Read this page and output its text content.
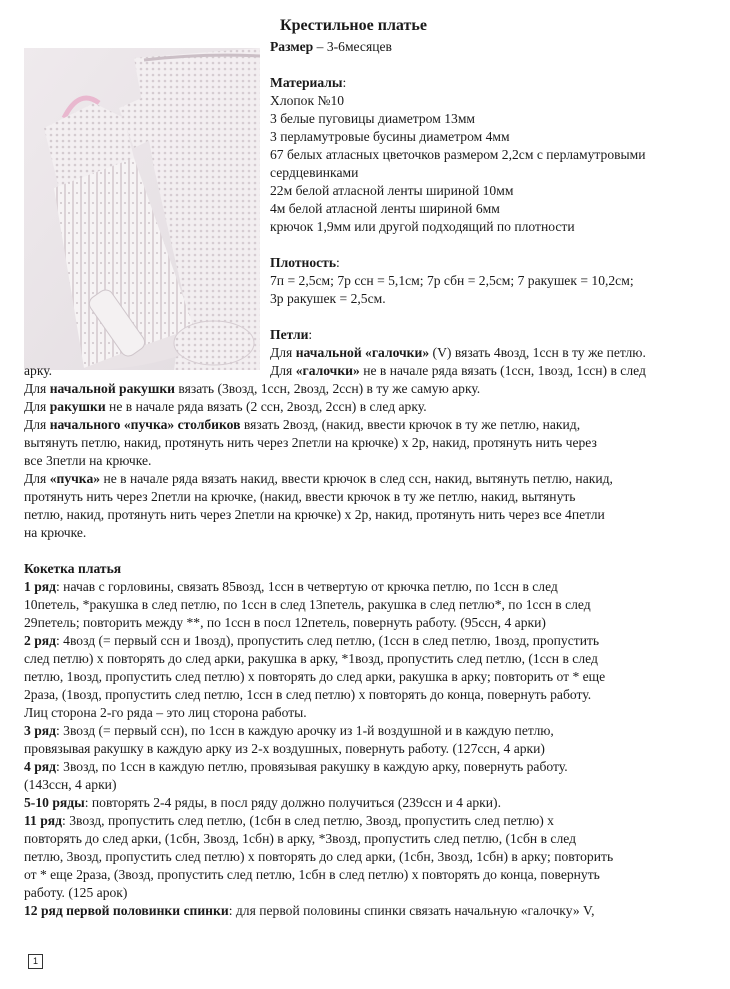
Крестильное платье

Размер – 3-6месяцев

Материалы:

Хлопок №10

3 белые пуговицы диаметром 13мм

3 перламутровые бусины диаметром 4мм

67 белых атласных цветочков размером 2,2см с перламутровыми

сердцевинками

22м белой атласной ленты шириной 10мм

4м белой атласной ленты шириной 6мм

крючок 1,9мм или другой подходящий по плотности

Плотность:

7п = 2,5см; 7р ссн = 5,1см; 7р сбн = 2,5см; 7 ракушек = 10,2см;

3р ракушек = 2,5см.

Петли:

Для начальной «галочки» (V) вязать 4возд, 1ссн в ту же петлю.

Для «галочки» не в начале ряда вязать (1ссн, 1возд, 1ссн) в след

арку.

Для начальной ракушки вязать (3возд, 1ссн, 2возд, 2ссн) в ту же самую арку.

Для ракушки не в начале ряда вязать (2 ссн, 2возд, 2ссн) в след арку.

Для начального «пучка» столбиков вязать 2возд, (накид, ввести крючок в ту же петлю, накид,

вытянуть петлю, накид, протянуть нить через 2петли на крючке) х 2р, накид, протянуть нить через

все 3петли на крючке.

Для «пучка» не в начале ряда вязать накид, ввести крючок в след ссн, накид, вытянуть петлю, накид,

протянуть нить через 2петли на крючке, (накид, ввести крючок в ту же петлю, накид, вытянуть

петлю, накид, протянуть нить через 2петли на крючке) х 2р, накид, протянуть нить через все 4петли

на крючке.

Кокетка платья

1 ряд: начав с горловины, связать 85возд, 1ссн в четвертую от крючка петлю, по 1ссн в след

10петель, *ракушка в след петлю, по 1ссн в след 13петель, ракушка в след петлю*, по 1ссн в след

29петель; повторить между **, по 1ссн в посл 12петель, повернуть работу. (95ссн, 4 арки)

2 ряд: 4возд (= первый ссн и 1возд), пропустить след петлю, (1ссн в след петлю, 1возд, пропустить

след петлю) х повторять до след арки, ракушка в арку, *1возд, пропустить след петлю, (1ссн в след

петлю, 1возд, пропустить след петлю) х повторять до след арки, ракушка в арку; повторить от * еще

2раза, (1возд, пропустить след петлю, 1ссн в след петлю) х повторять до конца, повернуть работу.

Лиц сторона 2-го ряда – это лиц сторона работы.

3 ряд: 3возд (= первый ссн), по 1ссн в каждую арочку из 1-й воздушной и в каждую петлю,

провязывая ракушку в каждую арку из 2-х воздушных, повернуть работу. (127ссн, 4 арки)

4 ряд: 3возд, по 1ссн в каждую петлю, провязывая ракушку в каждую арку, повернуть работу.

(143ссн, 4 арки)

5-10 ряды: повторять 2-4 ряды, в посл ряду должно получиться (239ссн и 4 арки).

11 ряд: 3возд, пропустить след петлю, (1сбн в след петлю, 3возд, пропустить след петлю) х

повторять до след арки, (1сбн, 3возд, 1сбн) в арку, *3возд, пропустить след петлю, (1сбн в след

петлю, 3возд, пропустить след петлю) х повторять до след арки, (1сбн, 3возд, 1сбн) в арку; повторить

от * еще 2раза, (3возд, пропустить след петлю, 1сбн в след петлю) х повторять до конца, повернуть

работу. (125 арок)

12 ряд первой половинки спинки: для первой половины спинки связать начальную «галочку» V,

1
